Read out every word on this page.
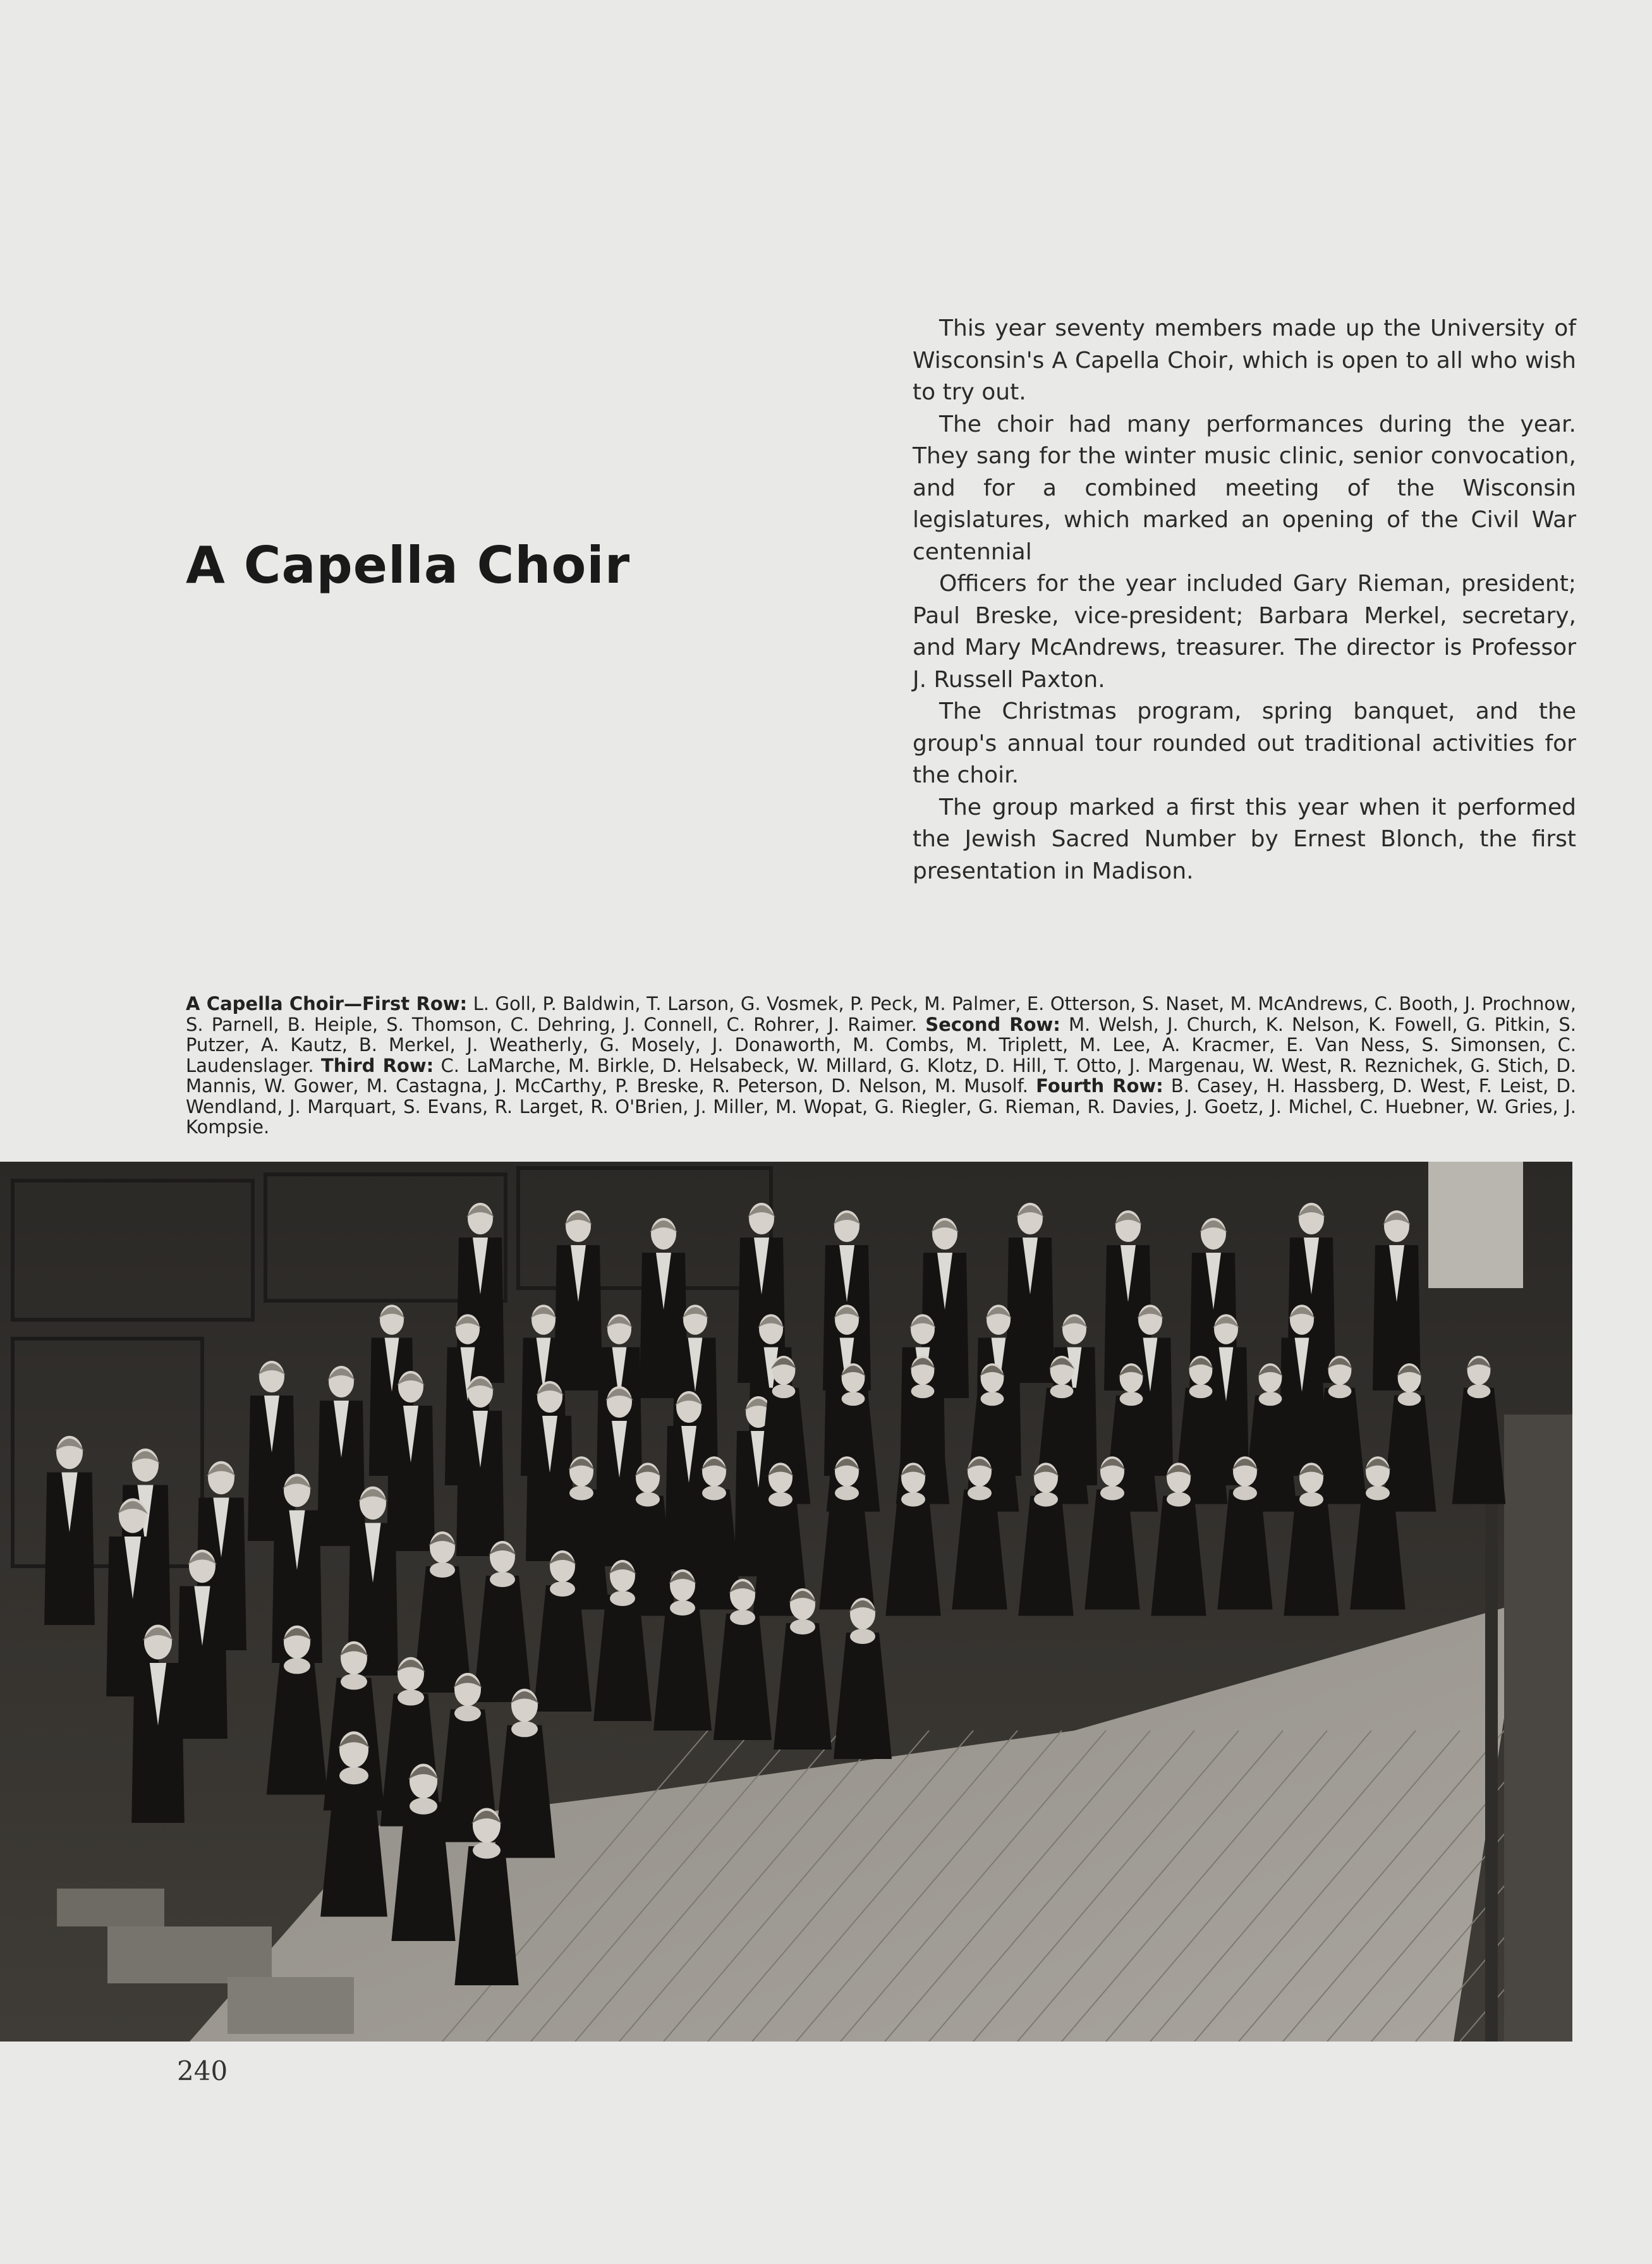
A Capella Choir

This year seventy members made up the University of Wisconsin's A Capella Choir, which is open to all who wish to try out.

The choir had many performances during the year. They sang for the winter music clinic, senior convocation, and for a combined meeting of the Wisconsin legislatures, which marked an opening of the Civil War centennial

Officers for the year included Gary Rieman, president; Paul Breske, vice-president; Barbara Merkel, secretary, and Mary McAndrews, treasurer. The director is Professor J. Russell Paxton.

The Christmas program, spring banquet, and the group's annual tour rounded out traditional activities for the choir.

The group marked a first this year when it performed the Jewish Sacred Number by Ernest Blonch, the first presentation in Madison.

A Capella Choir—First Row: L. Goll, P. Baldwin, T. Larson, G. Vosmek, P. Peck, M. Palmer, E. Otterson, S. Naset, M. McAndrews, C. Booth, J. Prochnow, S. Parnell, B. Heiple, S. Thomson, C. Dehring, J. Connell, C. Rohrer, J. Raimer. Second Row: M. Welsh, J. Church, K. Nelson, K. Fowell, G. Pitkin, S. Putzer, A. Kautz, B. Merkel, J. Weatherly, G. Mosely, J. Donaworth, M. Combs, M. Triplett, M. Lee, A. Kracmer, E. Van Ness, S. Simonsen, C. Laudenslager. Third Row: C. LaMarche, M. Birkle, D. Helsabeck, W. Millard, G. Klotz, D. Hill, T. Otto, J. Margenau, W. West, R. Reznichek, G. Stich, D. Mannis, W. Gower, M. Castagna, J. McCarthy, P. Breske, R. Peterson, D. Nelson, M. Musolf. Fourth Row: B. Casey, H. Hassberg, D. West, F. Leist, D. Wendland, J. Marquart, S. Evans, R. Larget, R. O'Brien, J. Miller, M. Wopat, G. Riegler, G. Rieman, R. Davies, J. Goetz, J. Michel, C. Huebner, W. Gries, J. Kompsie.
240
